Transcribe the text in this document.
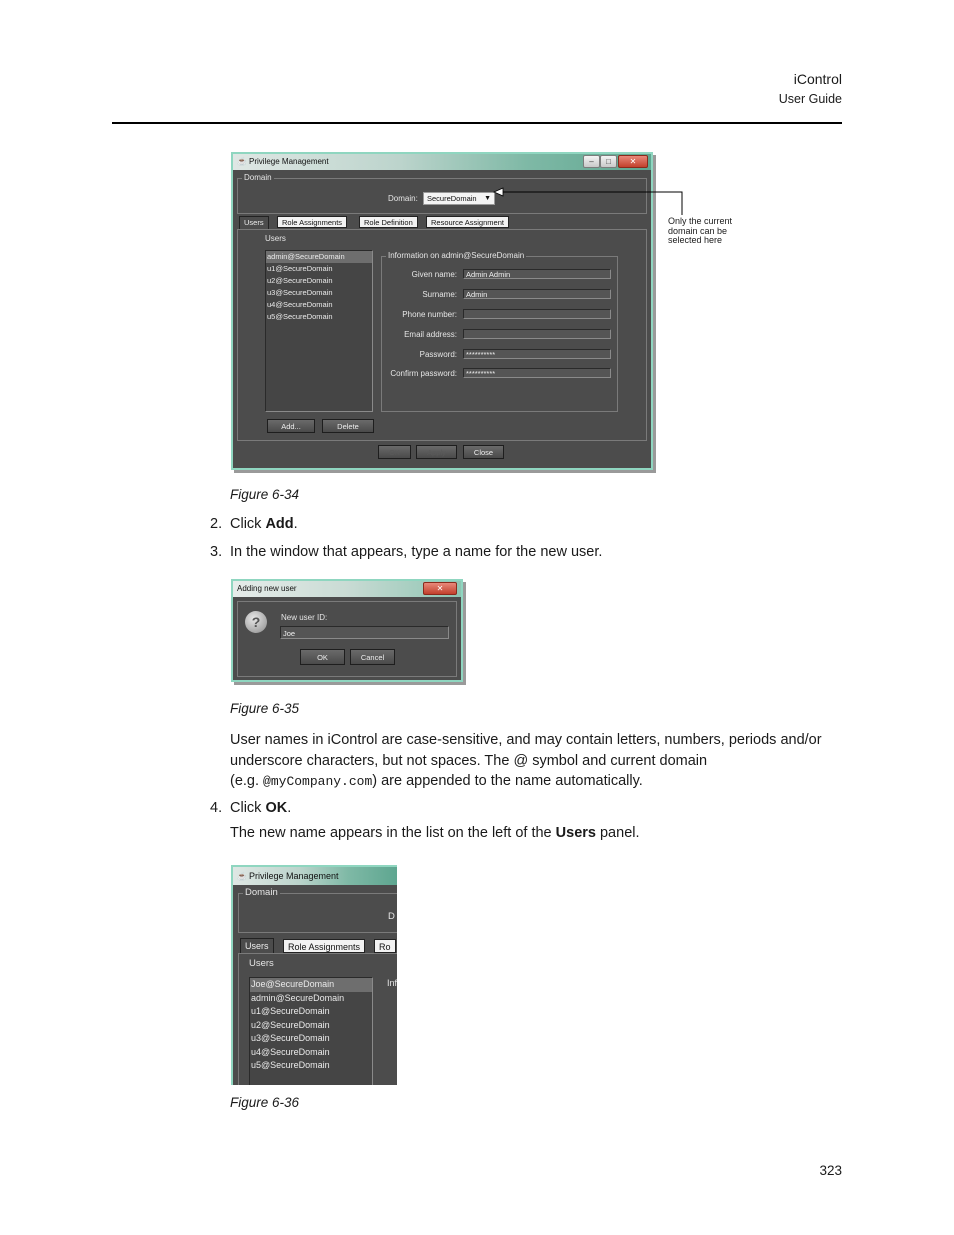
iControl
User Guide
☕ Privilege Management	–	□	✕
Domain
Domain:	SecureDomain ▼
Users	Role Assignments	Role Definition	Resource Assignment
Users
admin@SecureDomain
u1@SecureDomain
u2@SecureDomain
u3@SecureDomain
u4@SecureDomain
u5@SecureDomain
Information on admin@SecureDomain
Given name:	Admin Admin
Surname:	Admin
Phone number:
Email address:
Password:	**********
Confirm password:	**********
Add...	Delete
OK	Apply	Close
Only the current
domain can be
selected here
Figure 6-34
2. Click Add.
3. In the window that appears, type a name for the new user.
Adding new user	✕
?	New user ID:
Joe
OK	Cancel
Figure 6-35
User names in iControl are case-sensitive, and may contain letters, numbers, periods and/or
underscore characters, but not spaces. The @ symbol and current domain
(e.g. @myCompany.com) are appended to the name automatically.
4. Click OK.
The new name appears in the list on the left of the Users panel.
☕ Privilege Management
Domain
D
Users	Role Assignments	Ro
Users
Joe@SecureDomain
admin@SecureDomain
u1@SecureDomain
u2@SecureDomain
u3@SecureDomain
u4@SecureDomain
u5@SecureDomain
Inf
Figure 6-36
323
